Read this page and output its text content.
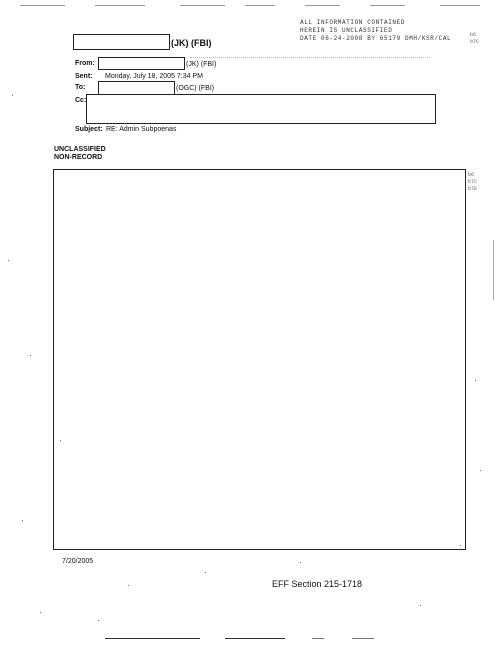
ALL INFORMATION CONTAINED
HEREIN IS UNCLASSIFIED
DATE 06-24-2008 BY 65179 DMH/KSR/CAL	b6
b7C
(JK) (FBI)
From:	(JK) (FBI)
Sent: Monday, July 18, 2005 7:34 PM
To:	(OGC) (FBI)
Cc:
Subject: RE: Admin Subpoenas
UNCLASSIFIED
NON-RECORD
b6
b7C
b7E
7/20/2005
EFF Section 215-1718
